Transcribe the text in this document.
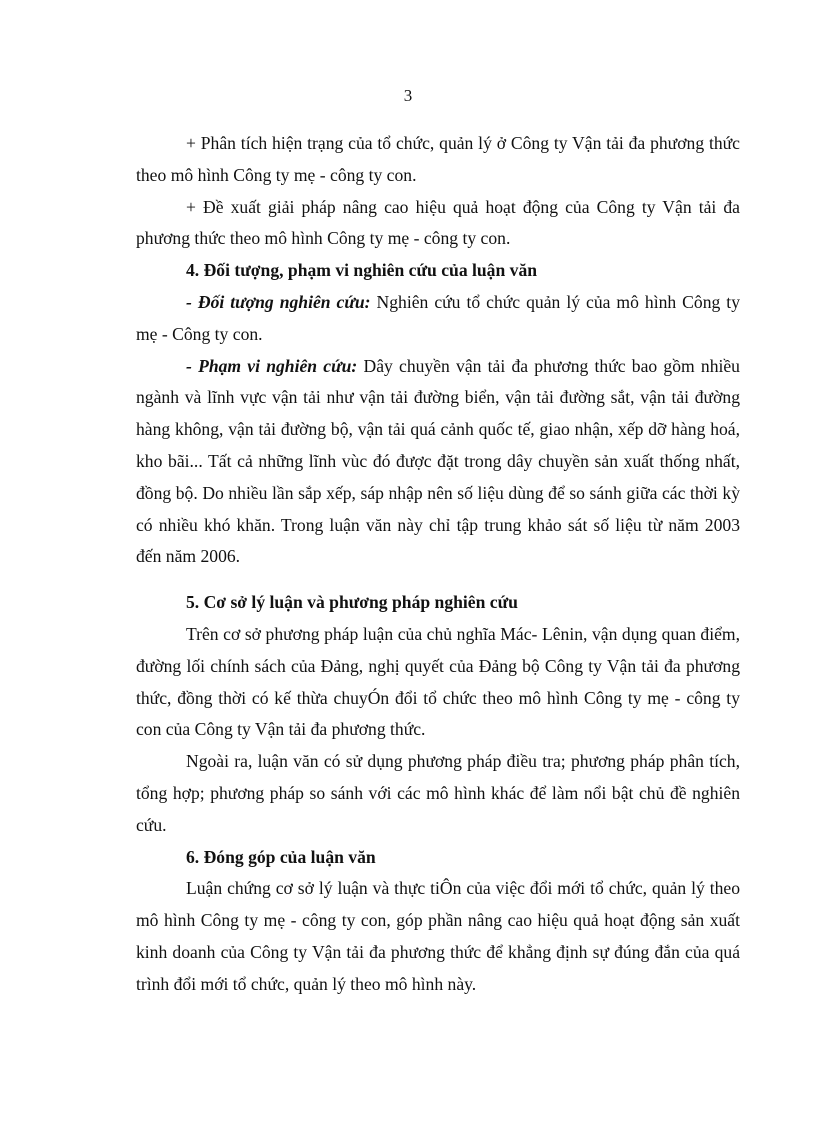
3

+ Phân tích hiện trạng của tổ chức, quản lý ở Công ty Vận tải đa phương thức theo mô hình Công ty mẹ - công ty con.

+ Đề xuất giải pháp nâng cao hiệu quả hoạt động của Công ty Vận tải đa phương thức theo mô hình Công ty mẹ - công ty con.

4. Đối tượng, phạm vi nghiên cứu của luận văn

- Đối tượng nghiên cứu: Nghiên cứu tổ chức quản lý của mô hình Công ty mẹ - Công ty con.

- Phạm vi nghiên cứu: Dây chuyền vận tải đa phương thức bao gồm nhiều ngành và lĩnh vực vận tải như vận tải đường biển, vận tải đường sắt, vận tải đường hàng không, vận tải đường bộ, vận tải quá cảnh quốc tế, giao nhận, xếp dỡ hàng hoá, kho bãi... Tất cả những lĩnh vùc đó được đặt trong dây chuyền sản xuất thống nhất, đồng bộ. Do nhiều lần sắp xếp, sáp nhập nên số liệu dùng để so sánh giữa các thời kỳ có nhiều khó khăn. Trong luận văn này chỉ tập trung khảo sát số liệu từ năm 2003 đến năm 2006.

5. Cơ sở lý luận và phương pháp nghiên cứu

Trên cơ sở phương pháp luận của chủ nghĩa Mác- Lênin, vận dụng quan điểm, đường lối chính sách của Đảng, nghị quyết của Đảng bộ Công ty Vận tải đa phương thức, đồng thời có kế thừa chuyÓn đổi tổ chức theo mô hình Công ty mẹ - công ty con của Công ty Vận tải đa phương thức.

Ngoài ra, luận văn có sử dụng phương pháp điều tra; phương pháp phân tích, tổng hợp; phương pháp so sánh với các mô hình khác để làm nổi bật chủ đề nghiên cứu.

6. Đóng góp của luận văn

Luận chứng cơ sở lý luận và thực tiÔn của việc đổi mới tổ chức, quản lý theo mô hình Công ty mẹ - công ty con, góp phần nâng cao hiệu quả hoạt động sản xuất kinh doanh của Công ty Vận tải đa phương thức để khẳng định sự đúng đắn của quá trình đổi mới tổ chức, quản lý theo mô hình này.
